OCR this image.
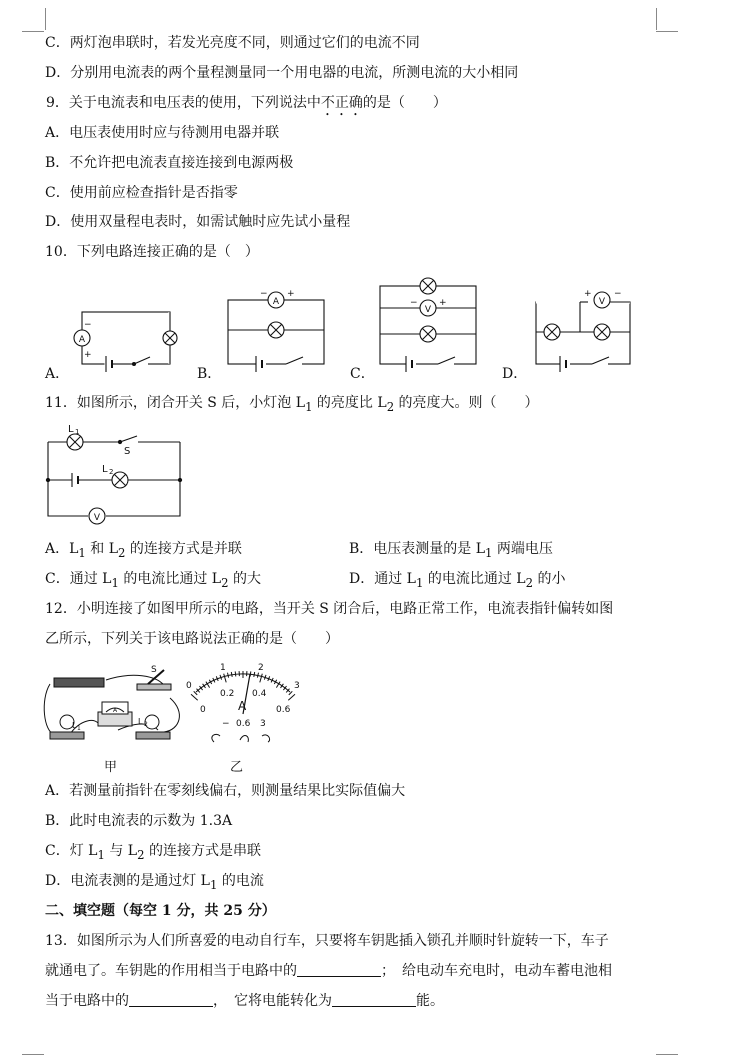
C．两灯泡串联时，若发光亮度不同，则通过它们的电流不同
D．分别用电流表的两个量程测量同一个用电器的电流，所测电流的大小相同
9．关于电流表和电压表的使用，下列说法中不正确的是（　　）
A．电压表使用时应与待测用电器并联
B．不允许把电流表直接连接到电源两极
C．使用前应检查指针是否指零
D．使用双量程电表时，如需试触时应先试小量程
10．下列电路连接正确的是（　）
A
−
+
A
− +
V
− +	V
+ −
A．	B．	C．	D．
11．如图所示，闭合开关 S 后，小灯泡 $L_1$ 的亮度比 $L_2$ 的亮度大。则（　　）
L 1
S
L 2
V
A．$L_1$ 和 $L_2$ 的连接方式是并联	B．电压表测量的是 $L_1$ 两端电压
C．通过 $L_1$ 的电流比通过 $L_2$ 的大	D．通过 $L_1$ 的电流比通过 $L_2$ 的小
12．小明连接了如图甲所示的电路，当开关 S 闭合后，电路正常工作，电流表指针偏转如图
乙所示，下列关于该电路说法正确的是（　　）
S
A
L 1
L 2
0
1	2
3
0
0.2 0.4
0.6
A
− 0.6 3
甲	乙
A．若测量前指针在零刻线偏右，则测量结果比实际值偏大
B．此时电流表的示数为 1.3A
C．灯 $L_1$ 与 $L_2$ 的连接方式是串联
D．电流表测的是通过灯 $L_1$ 的电流
二、填空题（每空 1 分，共 25 分）
13．如图所示为人们所喜爱的电动自行车，只要将车钥匙插入锁孔并顺时针旋转一下，车子
就通电了。车钥匙的作用相当于电路中的	；　给电动车充电时，电动车蓄电池相
当于电路中的	，　它将电能转化为	能。
